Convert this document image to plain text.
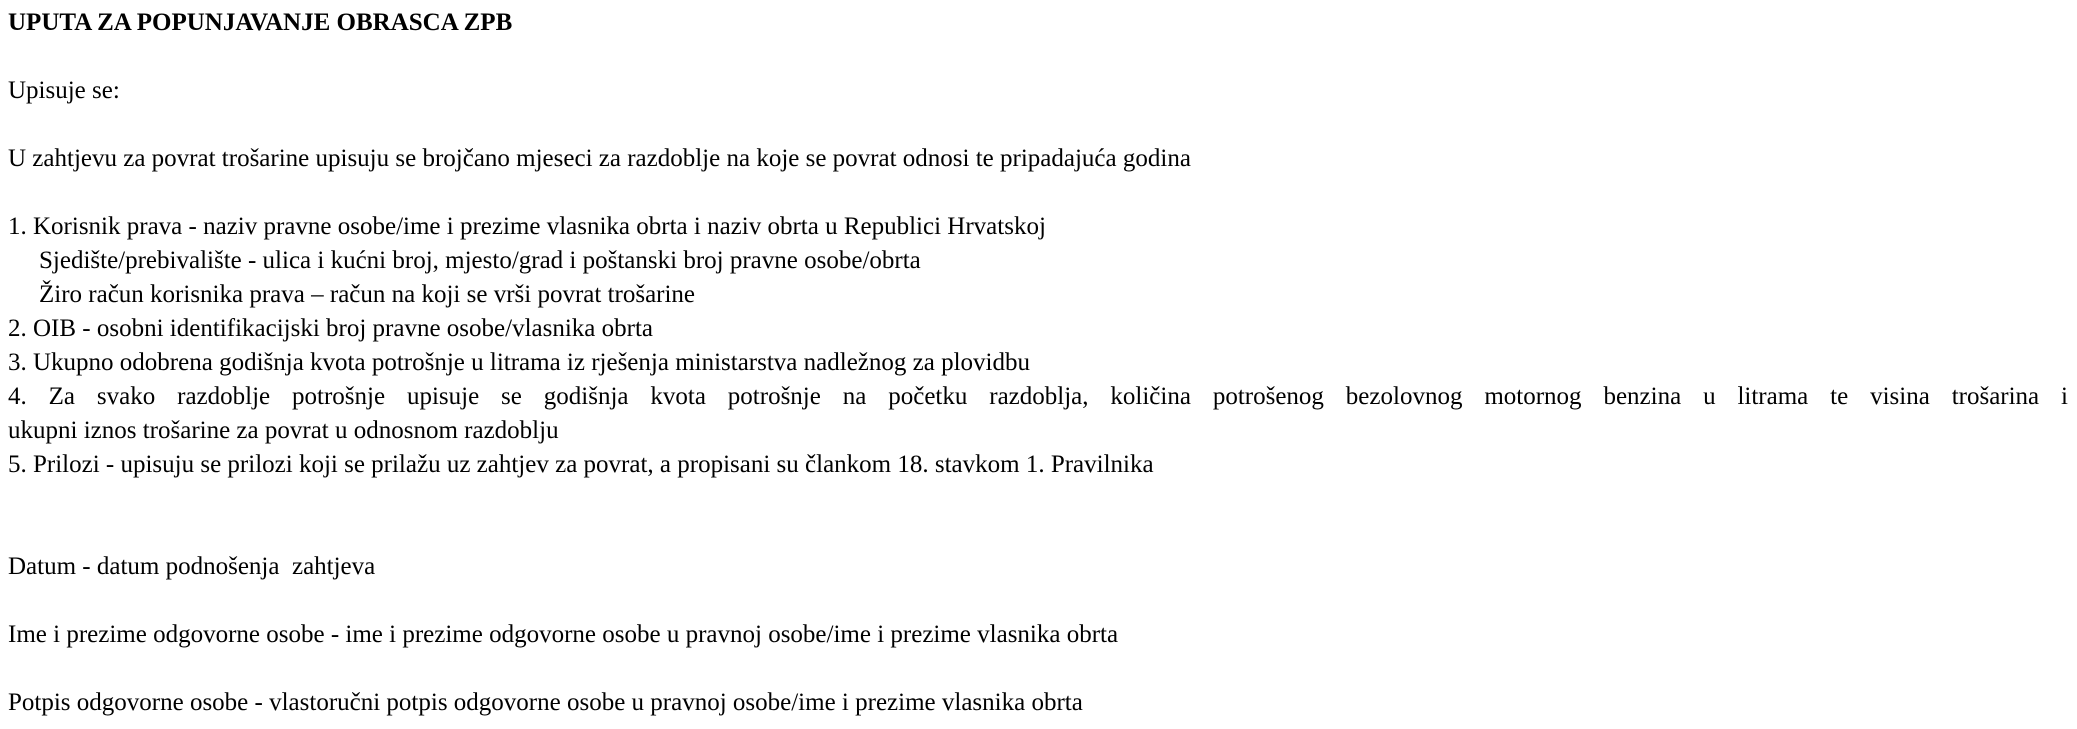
UPUTA ZA POPUNJAVANJE OBRASCA ZPB

Upisuje se:

U zahtjevu za povrat trošarine upisuju se brojčano mjeseci za razdoblje na koje se povrat odnosi te pripadajuća godina

1. Korisnik prava - naziv pravne osobe/ime i prezime vlasnika obrta i naziv obrta u Republici Hrvatskoj
Sjedište/prebivalište - ulica i kućni broj, mjesto/grad i poštanski broj pravne osobe/obrta
Žiro račun korisnika prava – račun na koji se vrši povrat trošarine
2. OIB - osobni identifikacijski broj pravne osobe/vlasnika obrta
3. Ukupno odobrena godišnja kvota potrošnje u litrama iz rješenja ministarstva nadležnog za plovidbu
4. Za svako razdoblje potrošnje upisuje se godišnja kvota potrošnje na početku razdoblja, količina potrošenog bezolovnog motornog benzina u litrama te visina trošarina i
ukupni iznos trošarine za povrat u odnosnom razdoblju
5. Prilozi - upisuju se prilozi koji se prilažu uz zahtjev za povrat, a propisani su člankom 18. stavkom 1. Pravilnika

Datum - datum podnošenja  zahtjeva

Ime i prezime odgovorne osobe - ime i prezime odgovorne osobe u pravnoj osobe/ime i prezime vlasnika obrta

Potpis odgovorne osobe - vlastoručni potpis odgovorne osobe u pravnoj osobe/ime i prezime vlasnika obrta
